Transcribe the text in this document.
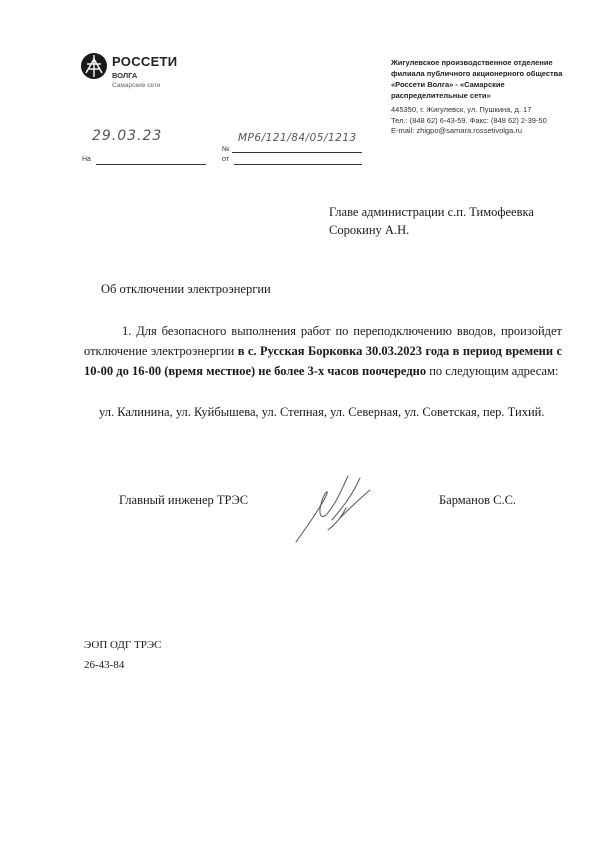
РОССЕТИ
ВОЛГА
Самарские сети
Жигулевское производственное отделение филиала публичного акционерного общества «Россети Волга» - «Самарские распределительные сети»
445350, г. Жигулевск, ул. Пушкина, д. 17
Тел.: (848 62) 6-43-59. Факс: (848 62) 2-39-50
E-mail: zhigpo@samara.rossetivolga.ru
29.03.23
№
МР6/121/84/05/1213
На	от
Главе администрации с.п. Тимофеевка
Сорокину А.Н.
Об отключении электроэнергии
1. Для безопасного выполнения работ по переподключению вводов, произойдет отключение электроэнергии в с. Русская Борковка 30.03.2023 года в период времени с 10-00 до 16-00 (время местное) не более 3-х часов поочередно по следующим адресам:
ул. Калинина, ул. Куйбышева, ул. Степная, ул. Северная, ул. Советская, пер. Тихий.
Главный инженер ТРЭС	Барманов С.С.
ЭОП ОДГ ТРЭС
26-43-84
